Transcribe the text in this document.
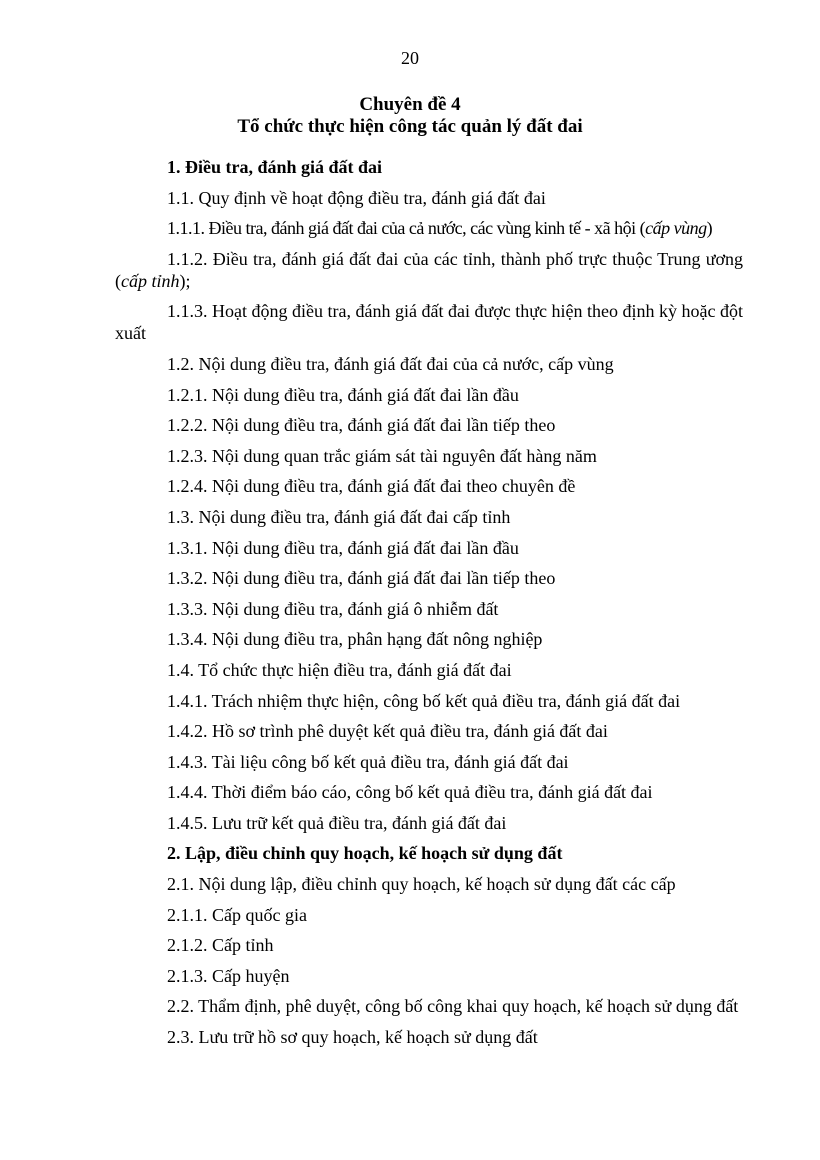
20
Chuyên đề 4
Tổ chức thực hiện công tác quản lý đất đai

1. Điều tra, đánh giá đất đai

1.1. Quy định về hoạt động điều tra, đánh giá đất đai

1.1.1. Điều tra, đánh giá đất đai của cả nước, các vùng kinh tế - xã hội (cấp vùng)

1.1.2. Điều tra, đánh giá đất đai của các tỉnh, thành phố trực thuộc Trung ương (cấp tỉnh);

1.1.3. Hoạt động điều tra, đánh giá đất đai được thực hiện theo định kỳ hoặc đột xuất

1.2. Nội dung điều tra, đánh giá đất đai của cả nước, cấp vùng

1.2.1. Nội dung điều tra, đánh giá đất đai lần đầu

1.2.2. Nội dung điều tra, đánh giá đất đai lần tiếp theo

1.2.3. Nội dung quan trắc giám sát tài nguyên đất hàng năm

1.2.4. Nội dung điều tra, đánh giá đất đai theo chuyên đề

1.3. Nội dung điều tra, đánh giá đất đai cấp tỉnh

1.3.1. Nội dung điều tra, đánh giá đất đai lần đầu

1.3.2. Nội dung điều tra, đánh giá đất đai lần tiếp theo

1.3.3. Nội dung điều tra, đánh giá ô nhiễm đất

1.3.4. Nội dung điều tra, phân hạng đất nông nghiệp

1.4. Tổ chức thực hiện điều tra, đánh giá đất đai

1.4.1. Trách nhiệm thực hiện, công bố kết quả điều tra, đánh giá đất đai

1.4.2. Hồ sơ trình phê duyệt kết quả điều tra, đánh giá đất đai

1.4.3. Tài liệu công bố kết quả điều tra, đánh giá đất đai

1.4.4. Thời điểm báo cáo, công bố kết quả điều tra, đánh giá đất đai

1.4.5. Lưu trữ kết quả điều tra, đánh giá đất đai

2. Lập, điều chỉnh quy hoạch, kế hoạch sử dụng đất

2.1. Nội dung lập, điều chỉnh quy hoạch, kế hoạch sử dụng đất các cấp

2.1.1. Cấp quốc gia

2.1.2. Cấp tỉnh

2.1.3. Cấp huyện

2.2. Thẩm định, phê duyệt, công bố công khai quy hoạch, kế hoạch sử dụng đất

2.3. Lưu trữ hồ sơ quy hoạch, kế hoạch sử dụng đất
